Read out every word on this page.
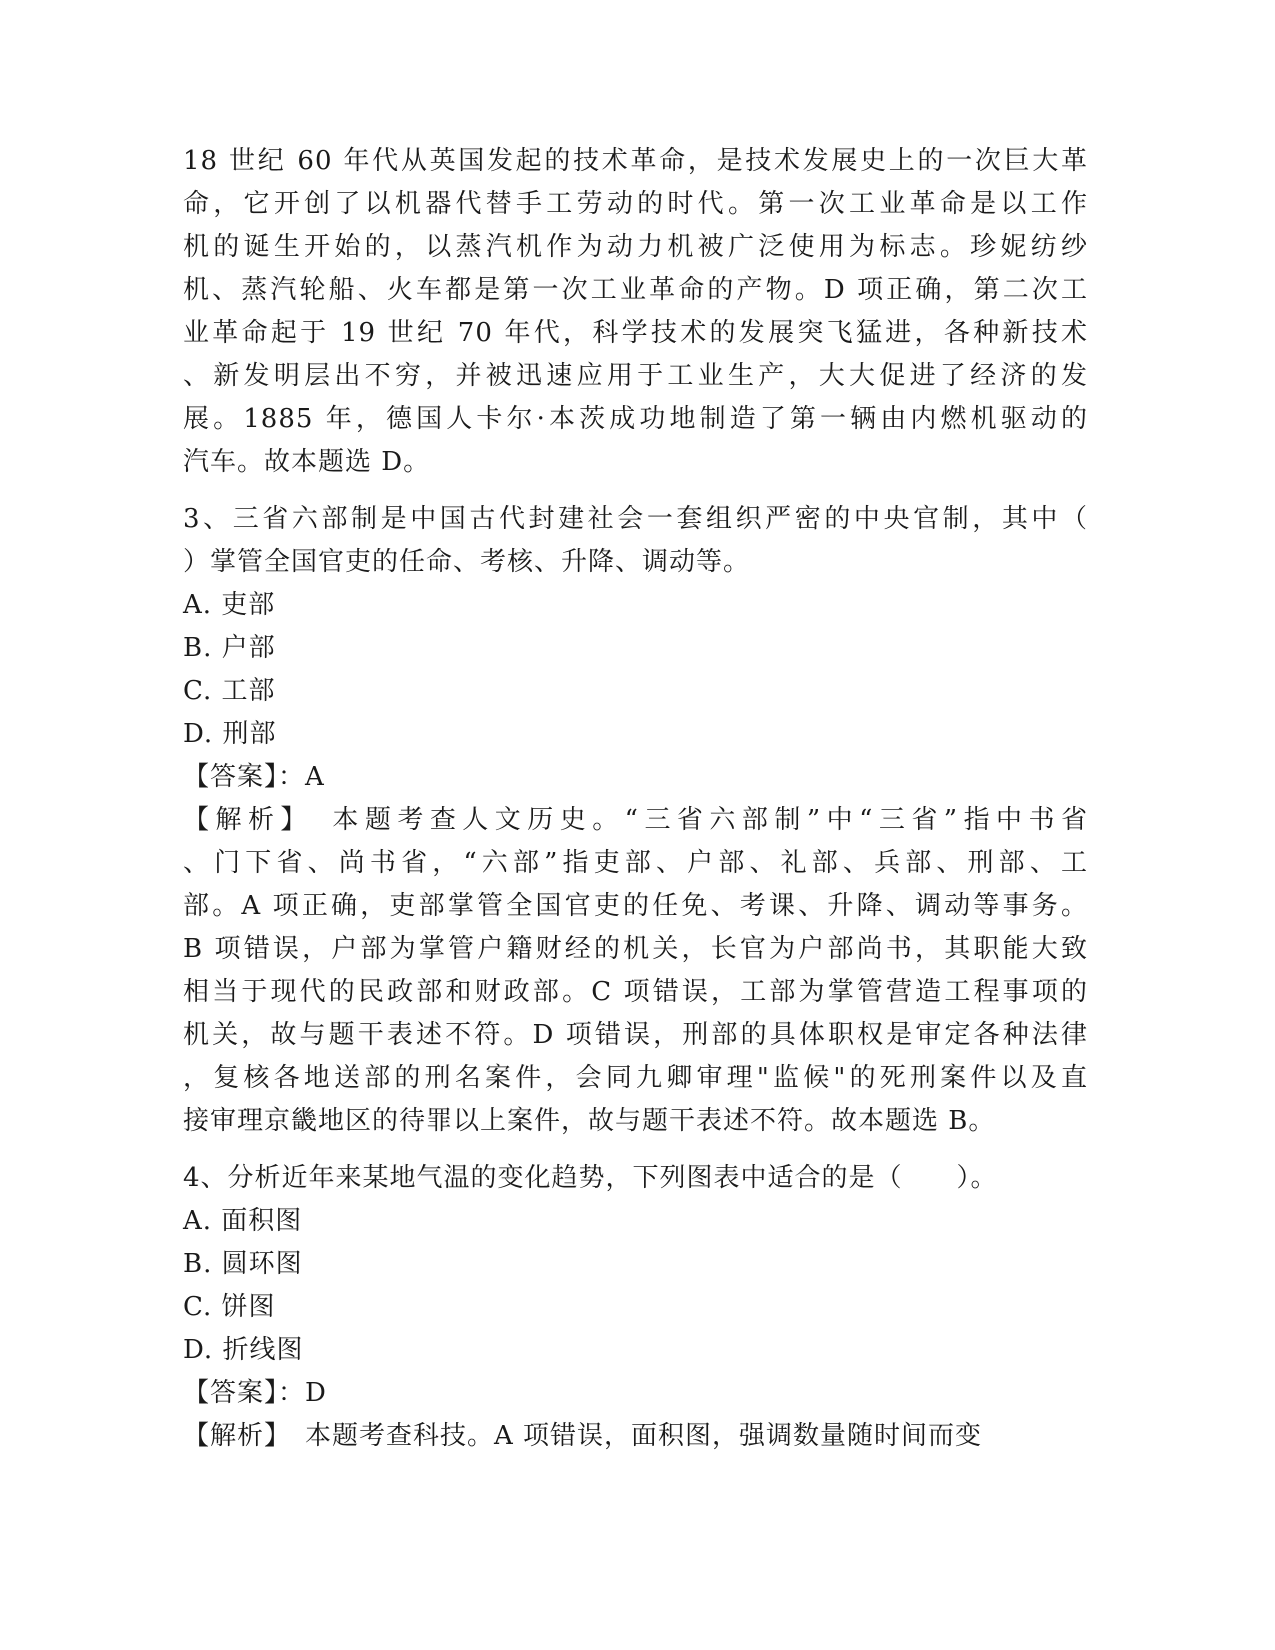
18 世纪 60 年代从英国发起的技术革命，是技术发展史上的一次巨大革
命，它开创了以机器代替手工劳动的时代。第一次工业革命是以工作
机的诞生开始的，以蒸汽机作为动力机被广泛使用为标志。珍妮纺纱
机、蒸汽轮船、火车都是第一次工业革命的产物。D 项正确，第二次工
业革命起于 19 世纪 70 年代，科学技术的发展突飞猛进，各种新技术
、新发明层出不穷，并被迅速应用于工业生产，大大促进了经济的发
展。1885 年，德国人卡尔·本茨成功地制造了第一辆由内燃机驱动的
汽车。故本题选 D。
3、三省六部制是中国古代封建社会一套组织严密的中央官制，其中（
）掌管全国官吏的任命、考核、升降、调动等。
A. 吏部
B. 户部
C. 工部
D. 刑部
【答案】：A
【解析】　本题考查人文历史。“三省六部制”中“三省”指中书省
、门下省、尚书省，“六部”指吏部、户部、礼部、兵部、刑部、工
部。A 项正确，吏部掌管全国官吏的任免、考课、升降、调动等事务。
B 项错误，户部为掌管户籍财经的机关，长官为户部尚书，其职能大致
相当于现代的民政部和财政部。C 项错误，工部为掌管营造工程事项的
机关，故与题干表述不符。D 项错误，刑部的具体职权是审定各种法律
，复核各地送部的刑名案件，会同九卿审理"监候"的死刑案件以及直
接审理京畿地区的待罪以上案件，故与题干表述不符。故本题选 B。
4、分析近年来某地气温的变化趋势，下列图表中适合的是（　　）。
A. 面积图
B. 圆环图
C. 饼图
D. 折线图
【答案】：D
【解析】　本题考查科技。A 项错误，面积图，强调数量随时间而变
